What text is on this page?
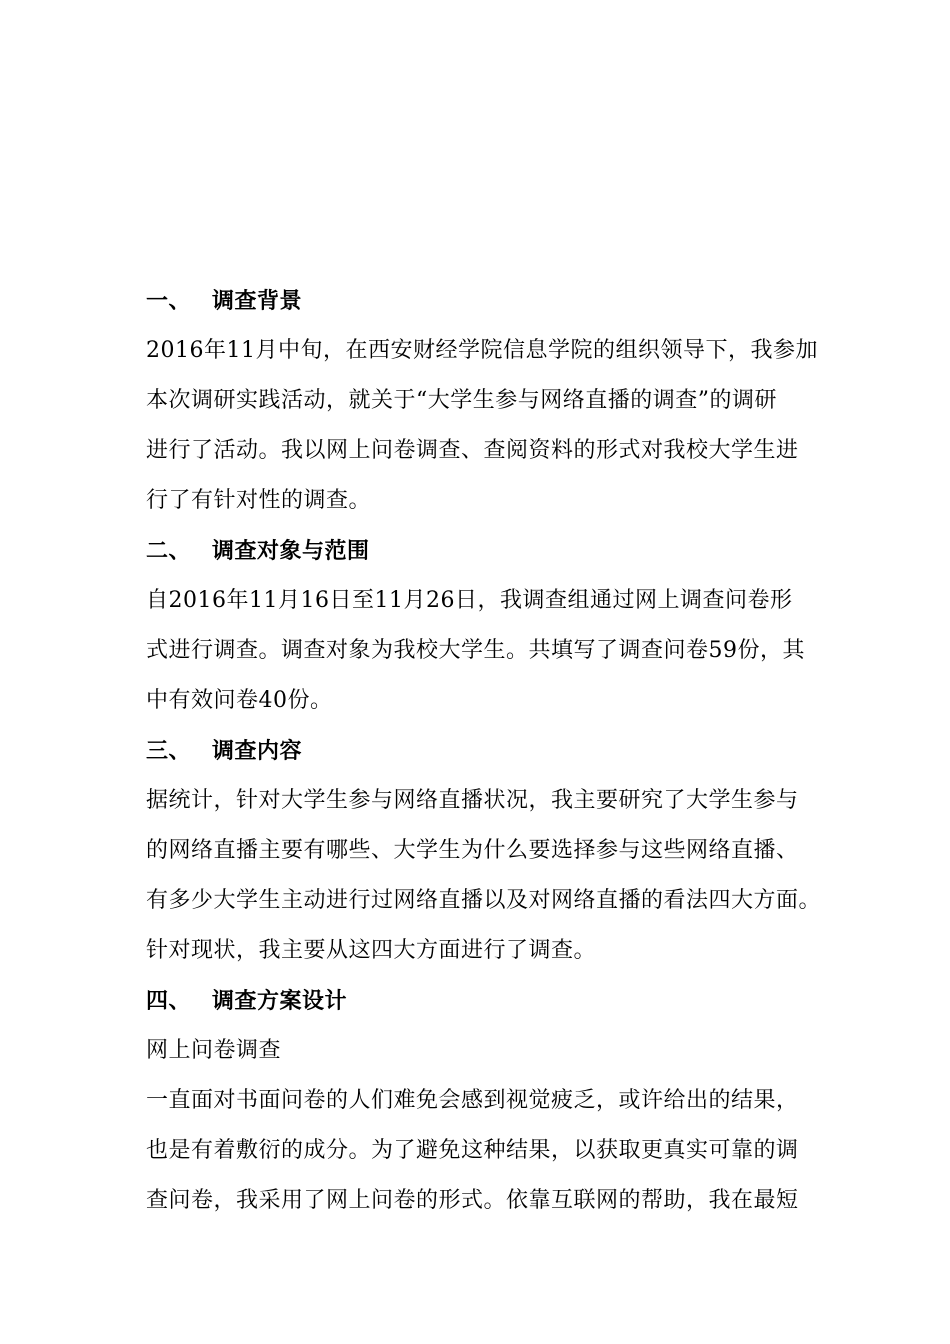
一、 调查背景
2016年11月中旬，在西安财经学院信息学院的组织领导下，我参加
本次调研实践活动，就关于“大学生参与网络直播的调查”的调研
进行了活动。我以网上问卷调查、查阅资料的形式对我校大学生进
行了有针对性的调查。
二、 调查对象与范围
自2016年11月16日至11月26日，我调查组通过网上调查问卷形
式进行调查。调查对象为我校大学生。共填写了调查问卷59份，其
中有效问卷40份。
三、 调查内容
据统计，针对大学生参与网络直播状况，我主要研究了大学生参与
的网络直播主要有哪些、大学生为什么要选择参与这些网络直播、
有多少大学生主动进行过网络直播以及对网络直播的看法四大方面。
针对现状，我主要从这四大方面进行了调查。
四、 调查方案设计
网上问卷调查
一直面对书面问卷的人们难免会感到视觉疲乏，或许给出的结果，
也是有着敷衍的成分。为了避免这种结果，以获取更真实可靠的调
查问卷，我采用了网上问卷的形式。依靠互联网的帮助，我在最短
